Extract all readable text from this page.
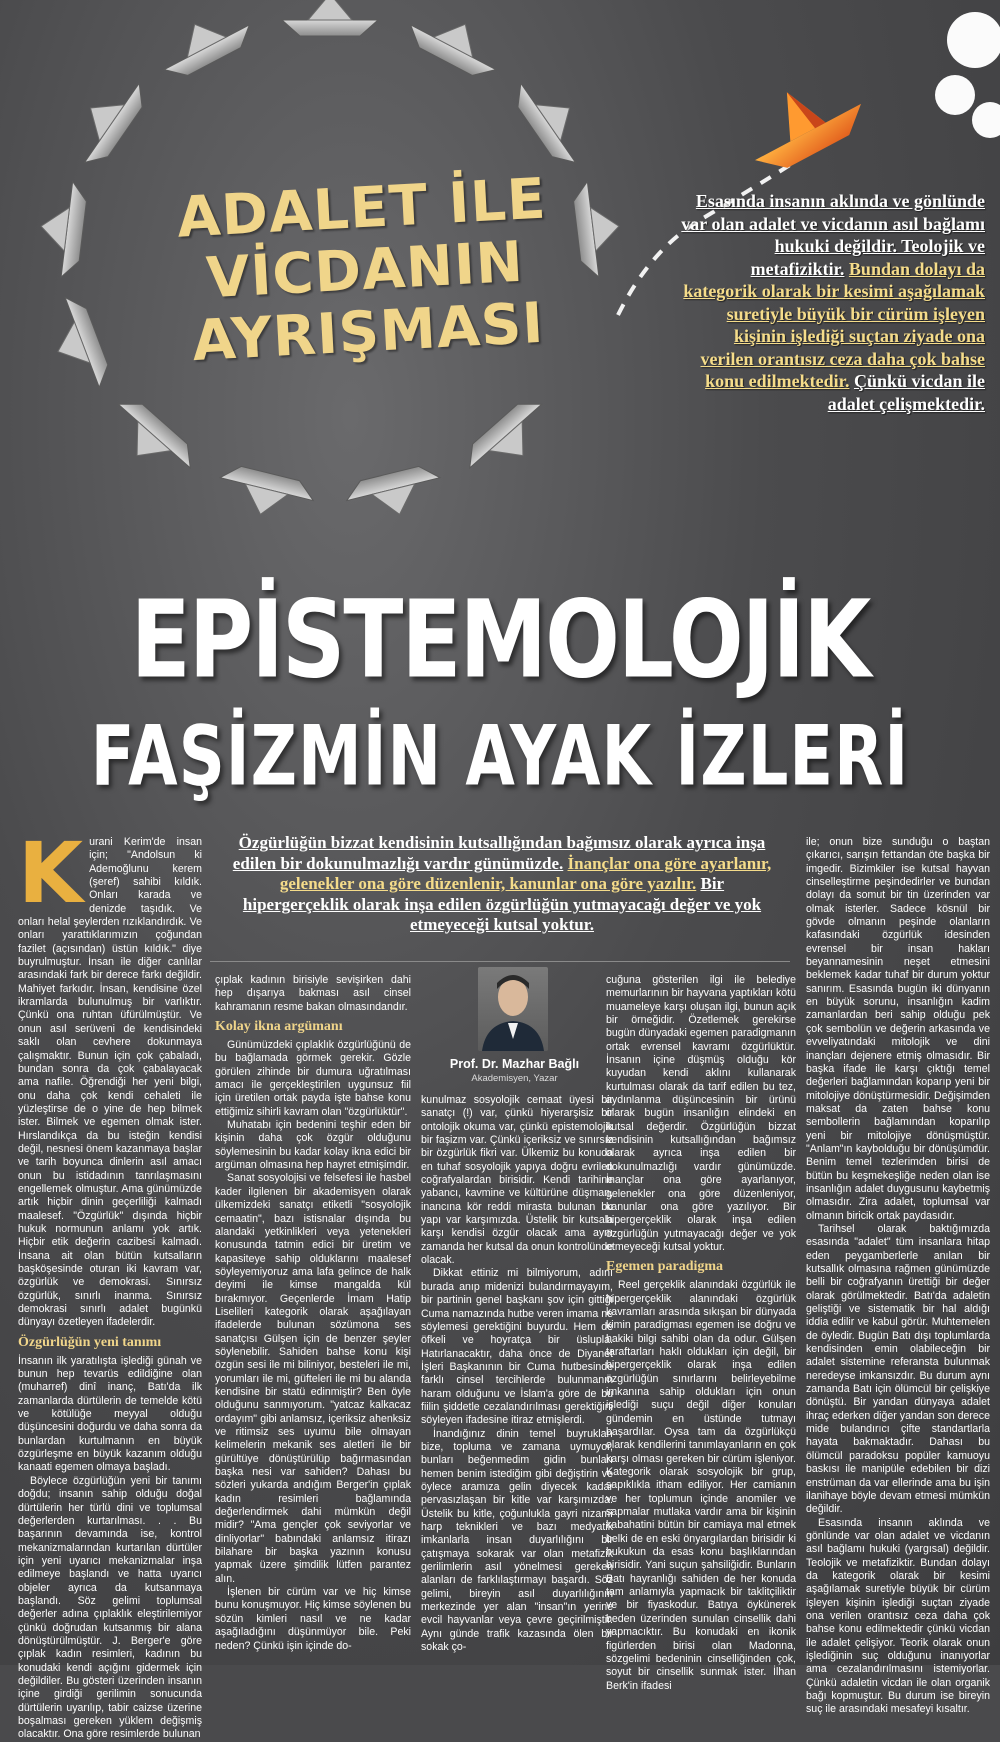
ADALET İLE
VİCDANIN
AYRIŞMASI
Esasında insanın aklında ve gönlünde var olan adalet ve vicdanın asıl bağlamı hukuki değildir. Teolojik ve metafiziktir. Bundan dolayı da kategorik olarak bir kesimi aşağılamak suretiyle büyük bir cürüm işleyen kişinin işlediği suçtan ziyade ona verilen orantısız ceza daha çok bahse konu edilmektedir. Çünkü vicdan ile adalet çelişmektedir.
EPİSTEMOLOJİK
FAŞİZMİN AYAK İZLERİ
Özgürlüğün bizzat kendisinin kutsallığından bağımsız olarak ayrıca inşa edilen bir dokunulmazlığı vardır günümüzde. İnançlar ona göre ayarlanır, gelenekler ona göre düzenlenir, kanunlar ona göre yazılır. Bir hipergerçeklik olarak inşa edilen özgürlüğün yutmayacağı değer ve yok etmeyeceği kutsal yoktur.
K urani Kerim'de insan için; "Andolsun ki Ademoğlunu kerem (şeref) sahibi kıldık. Onları karada ve denizde taşıdık. Ve onları helal şeylerden rızıklandırdık. Ve onları yarattıklarımızın çoğundan fazilet (açısından) üstün kıldık." diye buyrulmuştur. İnsan ile diğer canlılar arasındaki fark bir derece farkı değildir. Mahiyet farkıdır. İnsan, kendisine özel ikramlarda bulunulmuş bir varlıktır. Çünkü ona ruhtan üfürülmüştür. Ve onun asıl serüveni de kendisindeki saklı olan cevhere dokunmaya çalışmaktır. Bunun için çok çabaladı, bundan sonra da çok çabalayacak ama nafile. Öğrendiği her yeni bilgi, onu daha çok kendi cehaleti ile yüzleştirse de o yine de hep bilmek ister. Bilmek ve egemen olmak ister. Hırslandıkça da bu isteğin kendisi değil, nesnesi önem kazanmaya başlar ve tarih boyunca dinlerin asıl amacı onun bu istidadının tanrılaşmasını engellemek olmuştur. Ama günümüzde artık hiçbir dinin geçerliliği kalmadı maalesef. "Özgürlük" dışında hiçbir hukuk normunun anlamı yok artık. Hiçbir etik değerin cazibesi kalmadı. İnsana ait olan bütün kutsalların başköşesinde oturan iki kavram var, özgürlük ve demokrasi. Sınırsız özgürlük, sınırlı inanma. Sınırsız demokrasi sınırlı adalet bugünkü dünyayı özetleyen ifadelerdir.

Özgürlüğün yeni tanımı

İnsanın ilk yaratılışta işlediği günah ve bunun hep tevarüs edildiğine olan (muharref) dinî inanç, Batı'da ilk zamanlarda dürtülerin de temelde kötü ve kötülüğe meyyal olduğu düşüncesini doğurdu ve daha sonra da bunlardan kurtulmanın en büyük özgürleşme en büyük kazanım olduğu kanaati egemen olmaya başladı.

Böylece özgürlüğün yeni bir tanımı doğdu; insanın sahip olduğu doğal dürtülerin her türlü dini ve toplumsal değerlerden kurtarılması. . . Bu başarının devamında ise, kontrol mekanizmalarından kurtarılan dürtüler için yeni uyarıcı mekanizmalar inşa edilmeye başlandı ve hatta uyarıcı objeler ayrıca da kutsanmaya başlandı. Söz gelimi toplumsal değerler adına çıplaklık eleştirilemiyor çünkü doğrudan kutsanmış bir alana dönüştürülmüştür. J. Berger'e göre çıplak kadın resimleri, kadının bu konudaki kendi açığını gidermek için değildiler. Bu gösteri üzerinden insanın içine girdiği gerilimin sonucunda dürtülerin uyarılıp, tabir caizse üzerine boşalması gereken yüklem değişmiş olacaktır. Ona göre resimlerde bulunan

çıplak kadının birisiyle sevişirken dahi hep dışarıya bakması asıl cinsel kahramanın resme bakan olmasındandır.

Kolay ikna argümanı

Günümüzdeki çıplaklık özgürlüğünü de bu bağlamada görmek gerekir. Gözle görülen zihinde bir dumura uğratılması amacı ile gerçekleştirilen uygunsuz fiil için üretilen ortak payda işte bahse konu ettiğimiz sihirli kavram olan "özgürlüktür".

Muhatabı için bedenini teşhir eden bir kişinin daha çok özgür olduğunu söylemesinin bu kadar kolay ikna edici bir argüman olmasına hep hayret etmişimdir.

Sanat sosyolojisi ve felsefesi ile hasbel kader ilgilenen bir akademisyen olarak ülkemizdeki sanatçı etiketli "sosyolojik cemaatin", bazı istisnalar dışında bu alandaki yetkinlikleri veya yetenekleri konusunda tatmin edici bir üretim ve kapasiteye sahip olduklarını maalesef söyleyemiyoruz ama lafa gelince de halk deyimi ile kimse mangalda kül bırakmıyor. Geçenlerde İmam Hatip Liselileri kategorik olarak aşağılayan ifadelerde bulunan sözümona ses sanatçısı Gülşen için de benzer şeyler söylenebilir. Sahiden bahse konu kişi özgün sesi ile mi biliniyor, besteleri ile mi, yorumları ile mi, güfteleri ile mi bu alanda kendisine bir statü edinmiştir? Ben öyle olduğunu sanmıyorum. "yatcaz kalkacaz ordayım" gibi anlamsız, içeriksiz ahenksiz ve ritimsiz ses uyumu bile olmayan kelimelerin mekanik ses aletleri ile bir gürültüye dönüştürülüp bağırmasından başka nesi var sahiden? Dahası bu sözleri yukarda andığım Berger'in çıplak kadın resimleri bağlamında değerlendirmek dahi mümkün değil midir? "Ama gençler çok seviyorlar ve dinliyorlar" babındaki anlamsız itirazı bilahare bir başka yazının konusu yapmak üzere şimdilik lütfen parantez alın.

İşlenen bir cürüm var ve hiç kimse bunu konuşmuyor. Hiç kimse söylenen bu sözün kimleri nasıl ve ne kadar aşağıladığını düşünmüyor bile. Peki neden? Çünkü işin içinde do-

Prof. Dr. Mazhar Bağlı
Akademisyen, Yazar

kunulmaz sosyolojik cemaat üyesi bir sanatçı (!) var, çünkü hiyerarşisiz bir ontolojik okuma var, çünkü epistemolojik bir faşizm var. Çünkü içeriksiz ve sınırsız bir özgürlük fikri var. Ülkemiz bu konuda en tuhaf sosyolojik yapıya doğru evrilen coğrafyalardan birisidir. Kendi tarihine yabancı, kavmine ve kültürüne düşman, inancına kör reddi mirasta bulunan bu yapı var karşımızda. Üstelik bir kutsala karşı kendisi özgür olacak ama aynı zamanda her kutsal da onun kontrolünde olacak.

Dikkat ettiniz mi bilmiyorum, adını burada anıp midenizi bulandırmayayım, bir partinin genel başkanı şov için gittiği Cuma namazında hutbe veren imama ne söylemesi gerektiğini buyurdu. Hem de öfkeli ve hoyratça bir üslupla. Hatırlanacaktır, daha önce de Diyanet İşleri Başkanının bir Cuma hutbesinde farklı cinsel tercihlerde bulunmanın haram olduğunu ve İslam'a göre de bu fiilin şiddetle cezalandırılması gerektiğini söyleyen ifadesine itiraz etmişlerdi.

İnandığınız dinin temel buyrukları bize, topluma ve zamana uymuyor, bunları beğenmedim gidin bunları hemen benim istediğim gibi değiştirin ve öylece aramıza gelin diyecek kadar pervasızlaşan bir kitle var karşımızda. Üstelik bu kitle, çoğunlukla gayri nizamî harp teknikleri ve bazı medyatik imkanlarla insan duyarlılığını bir çatışmaya sokarak var olan metafizik gerilimlerin asıl yönelmesi gereken alanları de farklılaştırmayı başardı. Söz gelimi, bireyin asıl duyarlılığının merkezinde yer alan "insan"ın yerine evcil hayvanlar veya çevre geçirilmiştir. Aynı günde trafik kazasında ölen bir sokak ço-

cuğuna gösterilen ilgi ile belediye memurlarının bir hayvana yaptıkları kötü muameleye karşı oluşan ilgi, bunun açık bir örneğidir. Özetlemek gerekirse bugün dünyadaki egemen paradigmanın ortak evrensel kavramı özgürlüktür. İnsanın içine düşmüş olduğu kör kuyudan kendi aklını kullanarak kurtulması olarak da tarif edilen bu tez, aydınlanma düşüncesinin bir ürünü olarak bugün insanlığın elindeki en kutsal değerdir. Özgürlüğün bizzat kendisinin kutsallığından bağımsız olarak ayrıca inşa edilen bir dokunulmazlığı vardır günümüzde. İnançlar ona göre ayarlanıyor, gelenekler ona göre düzenleniyor, kanunlar ona göre yazılıyor. Bir hipergerçeklik olarak inşa edilen özgürlüğün yutmayacağı değer ve yok etmeyeceği kutsal yoktur.

Egemen paradigma

Reel gerçeklik alanındaki özgürlük ile hipergerçeklik alanındaki özgürlük kavramları arasında sıkışan bir dünyada kimin paradigması egemen ise doğru ve hakiki bilgi sahibi olan da odur. Gülşen taraftarları haklı oldukları için değil, bir hipergerçeklik olarak inşa edilen özgürlüğün sınırlarını belirleyebilme imkanına sahip oldukları için onun işlediği suçu değil diğer konuları gündemin en üstünde tutmayı başardılar. Oysa tam da özgürlükçü olarak kendilerini tanımlayanların en çok karşı olması gereken bir cürüm işleniyor. Kategorik olarak sosyolojik bir grup, sapıklıkla itham ediliyor. Her camianın ve her toplumun içinde anomiler ve sapmalar mutlaka vardır ama bir kişinin kabahatini bütün bir camiaya mal etmek belki de en eski önyargılardan birisidir ki hukukun da esas konu başlıklarından birisidir. Yani suçun şahsiliğidir. Bunların Batı hayranlığı sahiden de her konuda tam anlamıyla yapmacık bir taklitçiliktir ve bir fiyaskodur. Batıya öykünerek beden üzerinden sunulan cinsellik dahi yapmacıktır. Bu konudaki en ikonik figürlerden birisi olan Madonna, sözgelimi bedeninin cinselliğinden çok, soyut bir cinsellik sunmak ister. İlhan Berk'in ifadesi

ile; onun bize sunduğu o baştan çıkarıcı, sarışın fettandan öte başka bir imgedir. Bizimkiler ise kutsal hayvan cinselleştirme peşindedirler ve bundan dolayı da somut bir tin üzerinden var olmak isterler. Sadece kösnül bir gövde olmanın peşinde olanların kafasındaki özgürlük idesinden evrensel bir insan hakları beyannamesinin neşet etmesini beklemek kadar tuhaf bir durum yoktur sanırım. Esasında bugün iki dünyanın en büyük sorunu, insanlığın kadim zamanlardan beri sahip olduğu pek çok sembolün ve değerin arkasında ve evveliyatındaki mitolojik ve dini inançları dejenere etmiş olmasıdır. Bir başka ifade ile karşı çıktığı temel değerleri bağlamından koparıp yeni bir mitolojiye dönüştürmesidir. Değişimden maksat da zaten bahse konu sembollerin bağlamından koparılıp yeni bir mitolojiye dönüşmüştür. "Anlam"ın kaybolduğu bir dönüşümdür. Benim temel tezlerimden birisi de bütün bu keşmekeşliğe neden olan ise insanlığın adalet duygusunu kaybetmiş olmasıdır. Zira adalet, toplumsal var olmanın biricik ortak paydasıdır.

Tarihsel olarak baktığımızda esasında "adalet" tüm insanlara hitap eden peygamberlerle anılan bir kutsallık olmasına rağmen günümüzde belli bir coğrafyanın ürettiği bir değer olarak görülmektedir. Batı'da adaletin geliştiği ve sistematik bir hal aldığı iddia edilir ve kabul görür. Muhtemelen de öyledir. Bugün Batı dışı toplumlarda kendisinden emin olabileceğin bir adalet sistemine referansta bulunmak neredeyse imkansızdır. Bu durum aynı zamanda Batı için ölümcül bir çelişkiye dönüştü. Bir yandan dünyaya adalet ihraç ederken diğer yandan son derece mide bulandırıcı çifte standartlarla hayata bakmaktadır. Dahası bu ölümcül paradoksu popüler kamuoyu baskısı ile manipüle edebilen bir dizi enstrüman da var ellerinde ama bu işin ilanihaye böyle devam etmesi mümkün değildir.

Esasında insanın aklında ve gönlünde var olan adalet ve vicdanın asıl bağlamı hukuki (yargısal) değildir. Teolojik ve metafiziktir. Bundan dolayı da kategorik olarak bir kesimi aşağılamak suretiyle büyük bir cürüm işleyen kişinin işlediği suçtan ziyade ona verilen orantısız ceza daha çok bahse konu edilmektedir çünkü vicdan ile adalet çelişiyor. Teorik olarak onun işlediğinin suç olduğunu inanıyorlar ama cezalandırılmasını istemiyorlar. Çünkü adaletin vicdan ile olan organik bağı kopmuştur. Bu durum ise bireyin suç ile arasındaki mesafeyi kısaltır.
